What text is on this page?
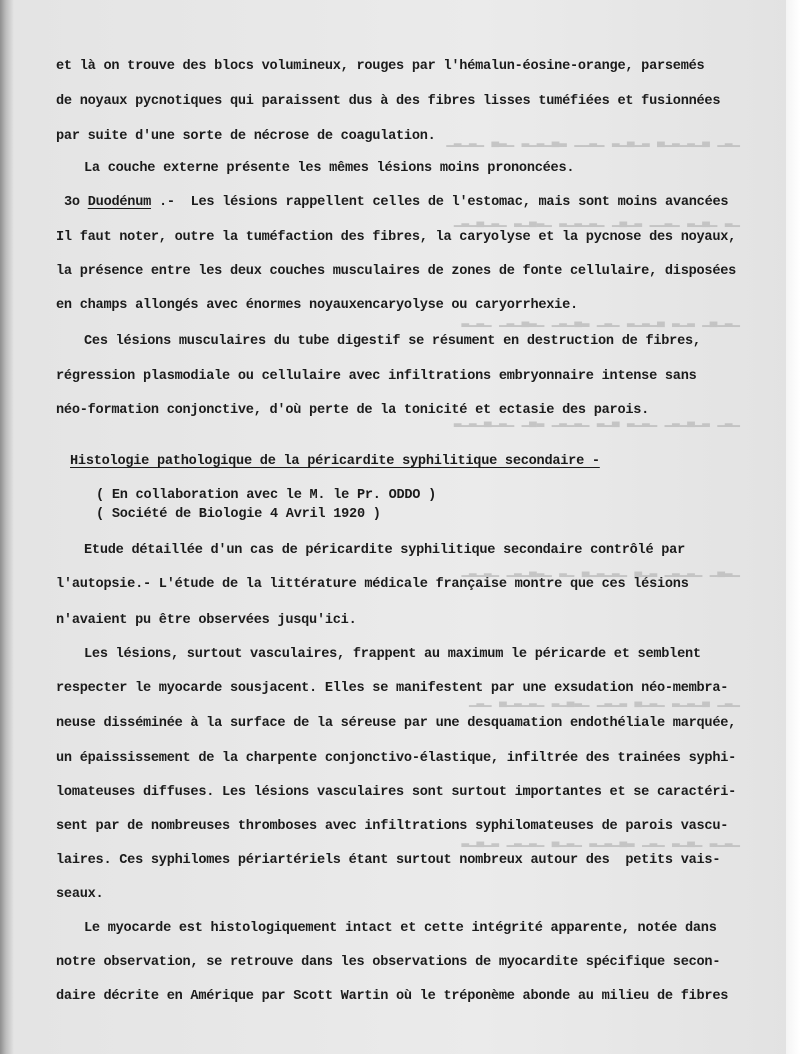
▁▂▁ ▃▁▂▁▂▁▃ ▂▁▃▁▂ ▁▂▁▁ ▂▃▁▂▁▂ ▁▂▃ ▁▂▁▂▁
▁▂ ▁▃▁▂ ▁▂▁▁ ▂▁▃▁ ▁▂▁▂▁▂ ▁▂▃▁▂ ▁▂▁▃▁▂▁
▁▂▁▃▁ ▂▁▂ ▃▁▂▁▂ ▁▂▁ ▂▃▁▂▁ ▁▂▃▁▂▁ ▁▂▁▂
▁▂▁ ▂▁▃▁▂▁ ▁▂▁▂ ▃▁▂ ▁▂▁▂▁ ▂▃▁ ▁▂▁▃▁▂▁▂
▁▂▃▁ ▁▂▁▂▁ ▂▁▃ ▁▂▁▂▁▃ ▁▂ ▁▂▃▁▂▁ ▁▂▁▂▁
▁▂▁ ▃▁▂▁▂ ▁▂▁▃ ▂▁▂▁ ▁▂▃▁▂ ▁▂▁▂▁▃ ▁▂▁
▁▂▁▂ ▁▃▁▂ ▁▂▁ ▂▃▁▂▁▂ ▁▂▁▃ ▁▂▁▂▁ ▂▁▃▁▂
et là on trouve des blocs volumineux, rouges par l'hémalun-éosine-orange, parsemés
de noyaux pycnotiques qui paraissent dus à des fibres lisses tuméfiées et fusionnées
par suite d'une sorte de nécrose de coagulation.
La couche externe présente les mêmes lésions moins prononcées.
3o Duodénum .- Les lésions rappellent celles de l'estomac, mais sont moins avancées
Il faut noter, outre la tuméfaction des fibres, la caryolyse et la pycnose des noyaux,
la présence entre les deux couches musculaires de zones de fonte cellulaire, disposées
en champs allongés avec énormes noyauxencaryolyse ou caryorrhexie.
Ces lésions musculaires du tube digestif se résument en destruction de fibres,
régression plasmodiale ou cellulaire avec infiltrations embryonnaire intense sans
néo-formation conjonctive, d'où perte de la tonicité et ectasie des parois.
Histologie pathologique de la péricardite syphilitique secondaire -
( En collaboration avec le M. le Pr. ODDO )
( Société de Biologie 4 Avril 1920 )
Etude détaillée d'un cas de péricardite syphilitique secondaire contrôlé par
l'autopsie.- L'étude de la littérature médicale française montre que ces lésions
n'avaient pu être observées jusqu'ici.
Les lésions, surtout vasculaires, frappent au maximum le péricarde et semblent
respecter le myocarde sousjacent. Elles se manifestent par une exsudation néo-membra-
neuse disséminée à la surface de la séreuse par une desquamation endothéliale marquée,
un épaississement de la charpente conjonctivo-élastique, infiltrée des trainées syphi-
lomateuses diffuses. Les lésions vasculaires sont surtout importantes et se caractéri-
sent par de nombreuses thromboses avec infiltrations syphilomateuses de parois vascu-
laires. Ces syphilomes périartériels étant surtout nombreux autour des  petits vais-
seaux.
Le myocarde est histologiquement intact et cette intégrité apparente, notée dans
notre observation, se retrouve dans les observations de myocardite spécifique secon-
daire décrite en Amérique par Scott Wartin où le tréponème abonde au milieu de fibres
